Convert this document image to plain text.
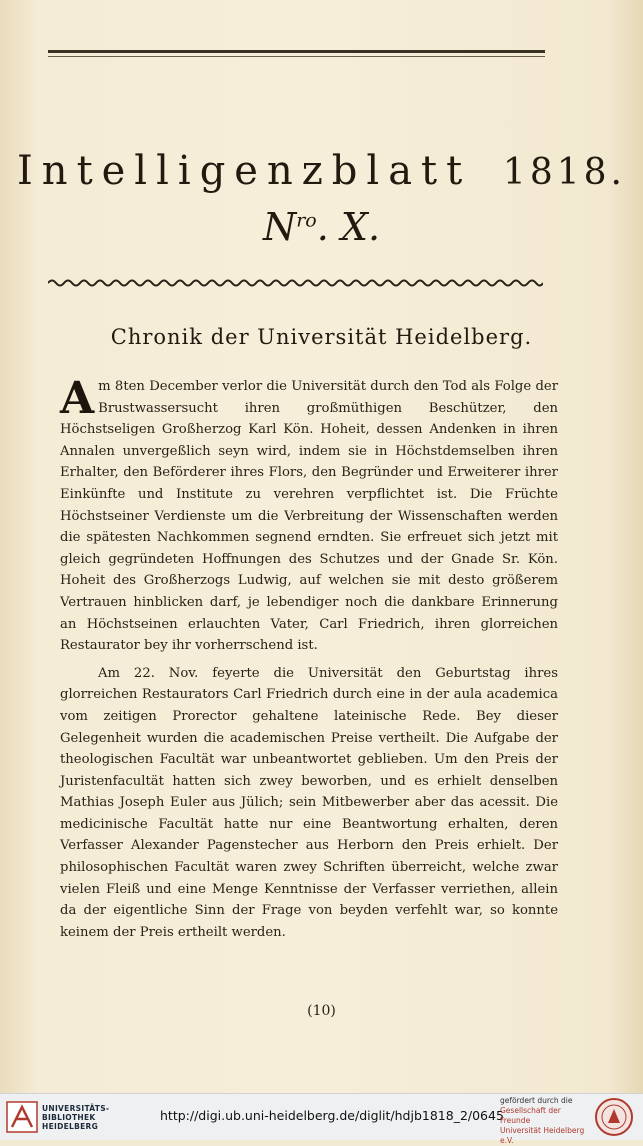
Intelligenzblatt 1818.
$N^{ro}$. X.
Chronik der Universität Heidelberg.

Am 8ten December verlor die Universität durch den Tod als Folge der Brustwassersucht ihren großmüthigen Beschützer, den Höchstseligen Großherzog Karl Kön. Hoheit, dessen Andenken in ihren Annalen unvergeßlich seyn wird, indem sie in Höchstdemselben ihren Erhalter, den Beförderer ihres Flors, den Begründer und Erweiterer ihrer Einkünfte und Institute zu verehren verpflichtet ist. Die Früchte Höchstseiner Verdienste um die Verbreitung der Wissenschaften werden die spätesten Nachkommen segnend erndten. Sie erfreuet sich jetzt mit gleich gegründeten Hoffnungen des Schutzes und der Gnade Sr. Kön. Hoheit des Großherzogs Ludwig, auf welchen sie mit desto größerem Vertrauen hinblicken darf, je lebendiger noch die dankbare Erinnerung an Höchstseinen erlauchten Vater, Carl Friedrich, ihren glorreichen Restaurator bey ihr vorherrschend ist.

Am 22. Nov. feyerte die Universität den Geburtstag ihres glorreichen Restaurators Carl Friedrich durch eine in der aula academica vom zeitigen Prorector gehaltene lateinische Rede. Bey dieser Gelegenheit wurden die academischen Preise vertheilt. Die Aufgabe der theologischen Facultät war unbeantwortet geblieben. Um den Preis der Juristenfacultät hatten sich zwey beworben, und es erhielt denselben Mathias Joseph Euler aus Jülich; sein Mitbewerber aber das acessit. Die medicinische Facultät hatte nur eine Beantwortung erhalten, deren Verfasser Alexander Pagenstecher aus Herborn den Preis erhielt. Der philosophischen Facultät waren zwey Schriften überreicht, welche zwar vielen Fleiß und eine Menge Kenntnisse der Verfasser verriethen, allein da der eigentliche Sinn der Frage von beyden verfehlt war, so konnte keinem der Preis ertheilt werden.

(10)
UNIVERSITÄTS-
BIBLIOTHEK
HEIDELBERG
http://digi.ub.uni-heidelberg.de/diglit/hdjb1818_2/0645
gefördert durch die
Gesellschaft der Freunde
Universität Heidelberg e.V.
